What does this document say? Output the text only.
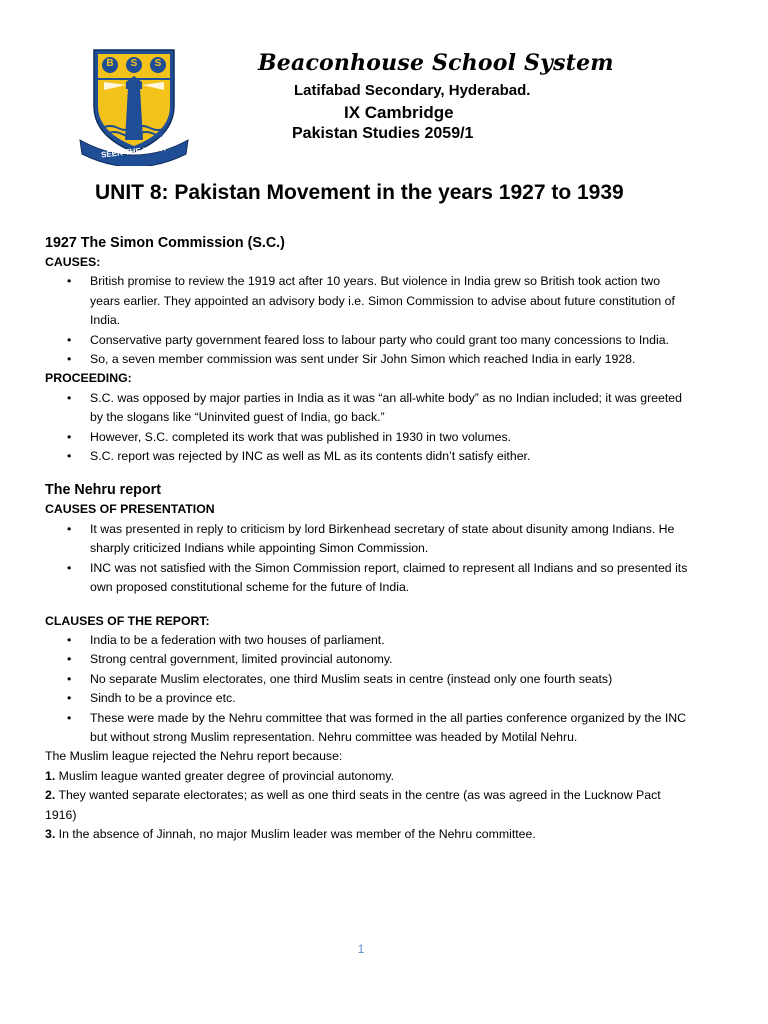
B S S
SEEK THE LIGHT
Beaconhouse School System
Latifabad Secondary, Hyderabad.
IX Cambridge
Pakistan Studies 2059/1
UNIT 8: Pakistan Movement in the years 1927 to 1939
1927 The Simon Commission (S.C.)
CAUSES:
• British promise to review the 1919 act after 10 years. But violence in India grew so British took action two years earlier. They appointed an advisory body i.e. Simon Commission to advise about future constitution of India.
• Conservative party government feared loss to labour party who could grant too many concessions to India.
• So, a seven member commission was sent under Sir John Simon which reached India in early 1928.
PROCEEDING:
• S.C. was opposed by major parties in India as it was “an all-white body” as no Indian included; it was greeted by the slogans like “Uninvited guest of India, go back.”
• However, S.C. completed its work that was published in 1930 in two volumes.
• S.C. report was rejected by INC as well as ML as its contents didn’t satisfy either.
The Nehru report
CAUSES OF PRESENTATION
• It was presented in reply to criticism by lord Birkenhead secretary of state about disunity among Indians. He sharply criticized Indians while appointing Simon Commission.
• INC was not satisfied with the Simon Commission report, claimed to represent all Indians and so presented its own proposed constitutional scheme for the future of India.
CLAUSES OF THE REPORT:
• India to be a federation with two houses of parliament.
• Strong central government, limited provincial autonomy.
• No separate Muslim electorates, one third Muslim seats in centre (instead only one fourth seats)
• Sindh to be a province etc.
• These were made by the Nehru committee that was formed in the all parties conference organized by the INC but without strong Muslim representation. Nehru committee was headed by Motilal Nehru.

The Muslim league rejected the Nehru report because:

1. Muslim league wanted greater degree of provincial autonomy.

2. They wanted separate electorates; as well as one third seats in the centre (as was agreed in the Lucknow Pact 1916)

3. In the absence of Jinnah, no major Muslim leader was member of the Nehru committee.

1
